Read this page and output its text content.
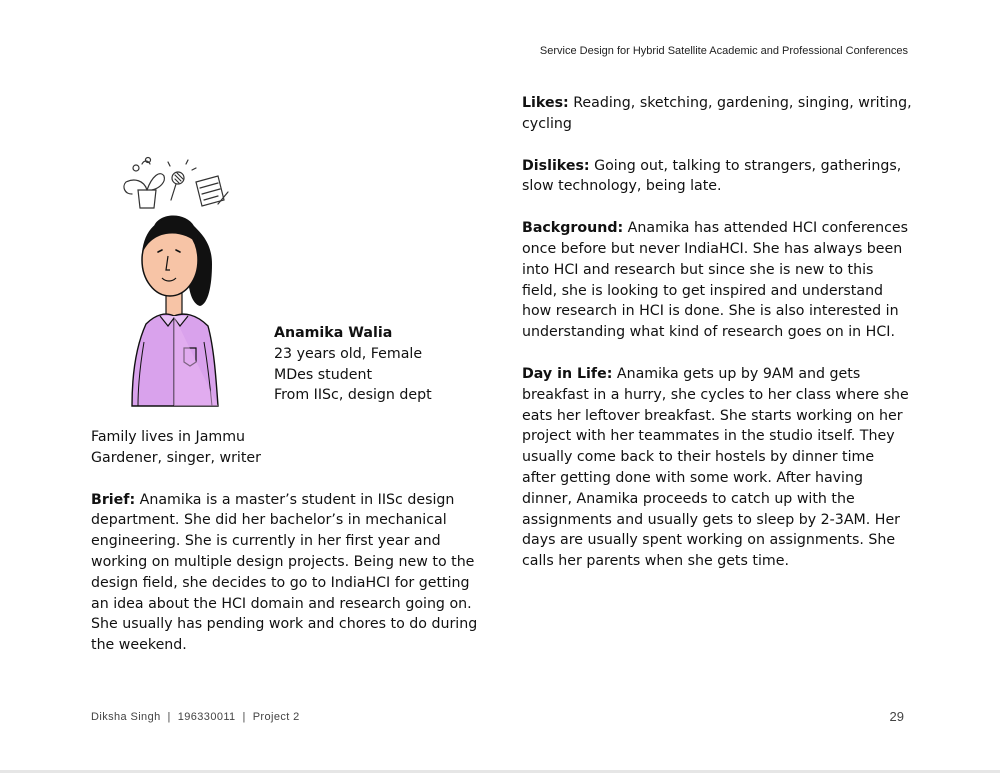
Service Design for Hybrid Satellite Academic and Professional Conferences
Anamika Walia
23 years old, Female
MDes student
From IISc, design dept

Family lives in Jammu
Gardener, singer, writer

Brief: Anamika is a master’s student in IISc design department. She did her bachelor’s in mechanical engineering. She is currently in her first year and working on multiple design projects. Being new to the design field, she decides to go to IndiaHCI for getting an idea about the HCI domain and research going on. She usually has pending work and chores to do during the weekend.

Likes: Reading, sketching, gardening, singing, writing, cycling

Dislikes: Going out, talking to strangers, gatherings, slow technology, being late.

Background: Anamika has attended HCI conferences once before but never IndiaHCI. She has always been into HCI and research but since she is new to this field, she is looking to get inspired and understand how research in HCI is done. She is also interested in understanding what kind of research goes on in HCI.

Day in Life: Anamika gets up by 9AM and gets breakfast in a hurry, she cycles to her class where she eats her leftover breakfast. She starts working on her project with her teammates in the studio itself. They usually come back to their hostels by dinner time after getting done with some work. After having dinner, Anamika proceeds to catch up with the assignments and usually gets to sleep by 2-3AM. Her days are usually spent working on assignments. She calls her parents when she gets time.

Diksha Singh | 196330011 | Project 2	29
